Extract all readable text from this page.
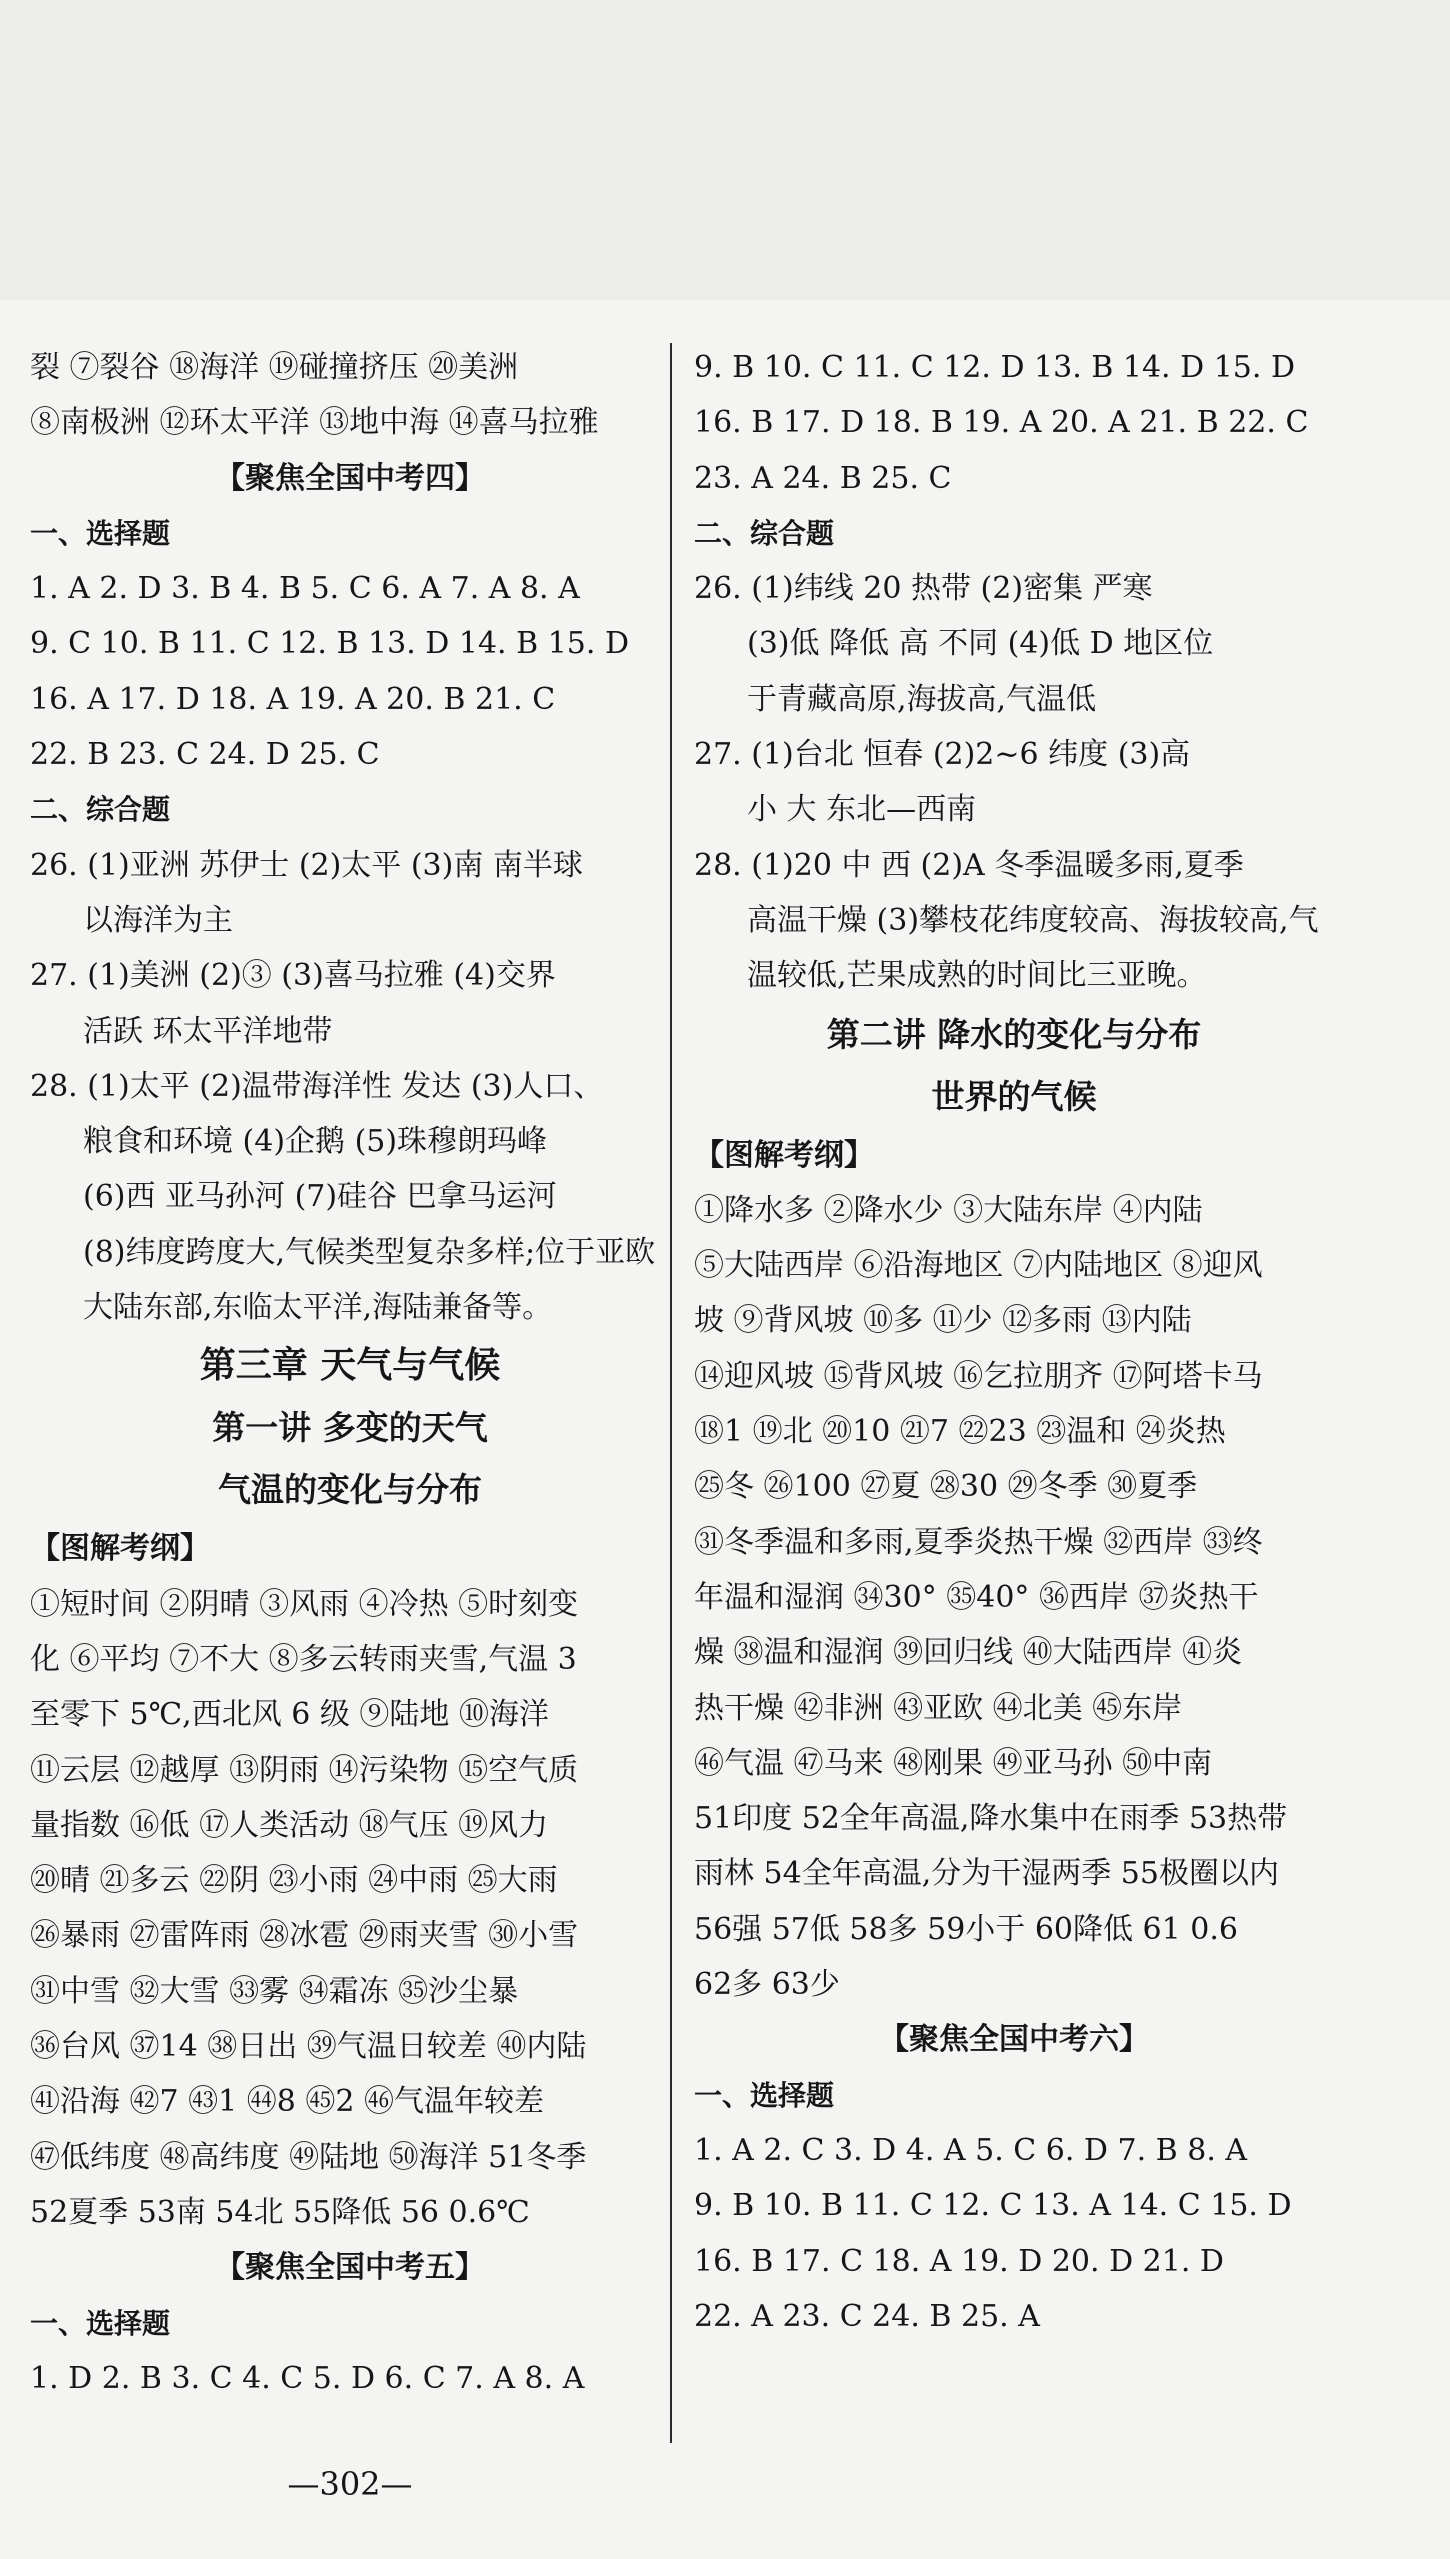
裂 ⑦裂谷 ⑱海洋 ⑲碰撞挤压 ⑳美洲
⑧南极洲 ⑫环太平洋 ⑬地中海 ⑭喜马拉雅
【聚焦全国中考四】
一、选择题
1. A 2. D 3. B 4. B 5. C 6. A 7. A 8. A
9. C 10. B 11. C 12. B 13. D 14. B 15. D
16. A 17. D 18. A 19. A 20. B 21. C
22. B 23. C 24. D 25. C
二、综合题
26. (1)亚洲 苏伊士 (2)太平 (3)南 南半球
以海洋为主
27. (1)美洲 (2)③ (3)喜马拉雅 (4)交界
活跃 环太平洋地带
28. (1)太平 (2)温带海洋性 发达 (3)人口、
粮食和环境 (4)企鹅 (5)珠穆朗玛峰
(6)西 亚马孙河 (7)硅谷 巴拿马运河
(8)纬度跨度大,气候类型复杂多样;位于亚欧
大陆东部,东临太平洋,海陆兼备等。
第三章 天气与气候
第一讲 多变的天气
气温的变化与分布
【图解考纲】
①短时间 ②阴晴 ③风雨 ④冷热 ⑤时刻变
化 ⑥平均 ⑦不大 ⑧多云转雨夹雪,气温 3
至零下 5℃,西北风 6 级 ⑨陆地 ⑩海洋
⑪云层 ⑫越厚 ⑬阴雨 ⑭污染物 ⑮空气质
量指数 ⑯低 ⑰人类活动 ⑱气压 ⑲风力
⑳晴 ㉑多云 ㉒阴 ㉓小雨 ㉔中雨 ㉕大雨
㉖暴雨 ㉗雷阵雨 ㉘冰雹 ㉙雨夹雪 ㉚小雪
㉛中雪 ㉜大雪 ㉝雾 ㉞霜冻 ㉟沙尘暴
㊱台风 ㊲14 ㊳日出 ㊴气温日较差 ㊵内陆
㊶沿海 ㊷7 ㊸1 ㊹8 ㊺2 ㊻气温年较差
㊼低纬度 ㊽高纬度 ㊾陆地 ㊿海洋 51冬季
52夏季 53南 54北 55降低 56 0.6℃
【聚焦全国中考五】
一、选择题
1. D 2. B 3. C 4. C 5. D 6. C 7. A 8. A
9. B 10. C 11. C 12. D 13. B 14. D 15. D
16. B 17. D 18. B 19. A 20. A 21. B 22. C
23. A 24. B 25. C
二、综合题
26. (1)纬线 20 热带 (2)密集 严寒
(3)低 降低 高 不同 (4)低 D 地区位
于青藏高原,海拔高,气温低
27. (1)台北 恒春 (2)2~6 纬度 (3)高
小 大 东北—西南
28. (1)20 中 西 (2)A 冬季温暖多雨,夏季
高温干燥 (3)攀枝花纬度较高、海拔较高,气
温较低,芒果成熟的时间比三亚晚。
第二讲 降水的变化与分布
世界的气候
【图解考纲】
①降水多 ②降水少 ③大陆东岸 ④内陆
⑤大陆西岸 ⑥沿海地区 ⑦内陆地区 ⑧迎风
坡 ⑨背风坡 ⑩多 ⑪少 ⑫多雨 ⑬内陆
⑭迎风坡 ⑮背风坡 ⑯乞拉朋齐 ⑰阿塔卡马
⑱1 ⑲北 ⑳10 ㉑7 ㉒23 ㉓温和 ㉔炎热
㉕冬 ㉖100 ㉗夏 ㉘30 ㉙冬季 ㉚夏季
㉛冬季温和多雨,夏季炎热干燥 ㉜西岸 ㉝终
年温和湿润 ㉞30° ㉟40° ㊱西岸 ㊲炎热干
燥 ㊳温和湿润 ㊴回归线 ㊵大陆西岸 ㊶炎
热干燥 ㊷非洲 ㊸亚欧 ㊹北美 ㊺东岸
㊻气温 ㊼马来 ㊽刚果 ㊾亚马孙 ㊿中南
51印度 52全年高温,降水集中在雨季 53热带
雨林 54全年高温,分为干湿两季 55极圈以内
56强 57低 58多 59小于 60降低 61 0.6
62多 63少
【聚焦全国中考六】
一、选择题
1. A 2. C 3. D 4. A 5. C 6. D 7. B 8. A
9. B 10. B 11. C 12. C 13. A 14. C 15. D
16. B 17. C 18. A 19. D 20. D 21. D
22. A 23. C 24. B 25. A
—302—
